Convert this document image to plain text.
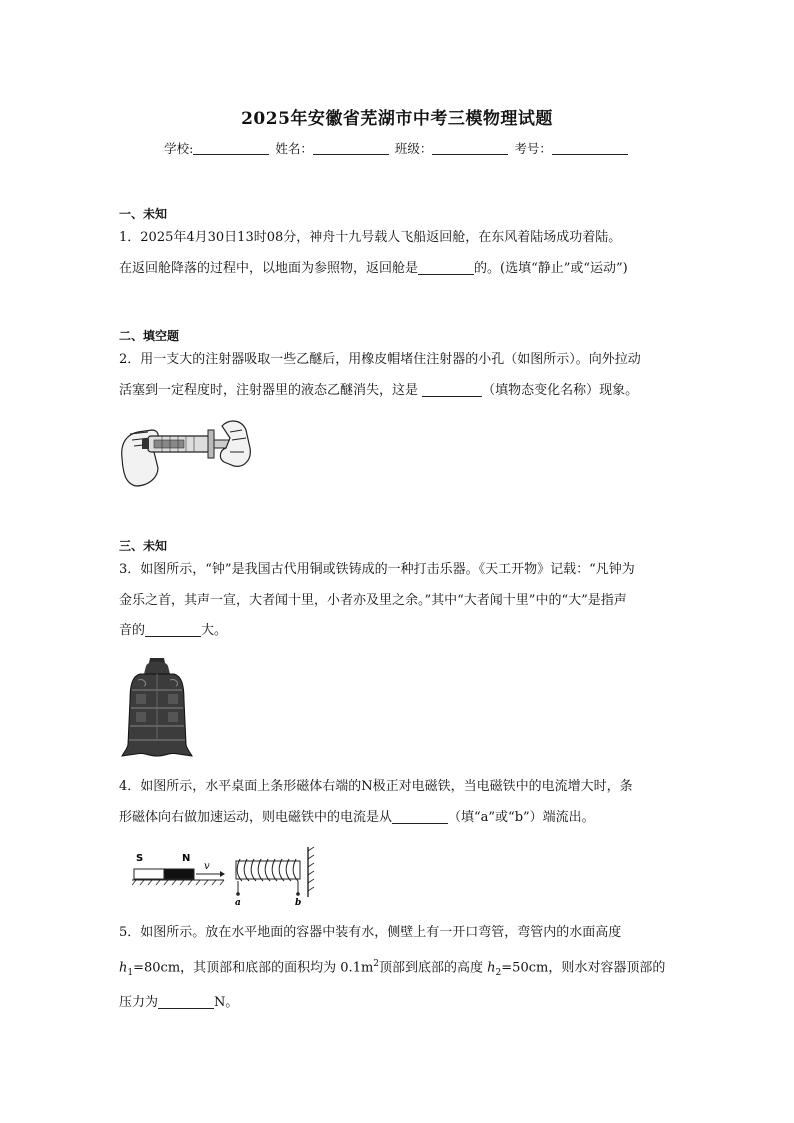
2025年安徽省芜湖市中考三模物理试题
学校:	姓名：	班级：	考号：
一、未知

1．2025年4月30日13时08分，神舟十九号载人飞船返回舱，在东风着陆场成功着陆。

在返回舱降落的过程中，以地面为参照物，返回舱是	的。(选填“静止”或“运动”)

二、填空题

2．用一支大的注射器吸取一些乙醚后，用橡皮帽堵住注射器的小孔（如图所示）。向外拉动

活塞到一定程度时，注射器里的液态乙醚消失，这是	（填物态变化名称）现象。

三、未知

3．如图所示，“钟”是我国古代用铜或铁铸成的一种打击乐器。《天工开物》记载：“凡钟为

金乐之首，其声一宣，大者闻十里，小者亦及里之余。”其中“大者闻十里”中的“大”是指声

音的	大。

4．如图所示，水平桌面上条形磁体右端的N极正对电磁铁，当电磁铁中的电流增大时，条

形磁体向右做加速运动，则电磁铁中的电流是从	（填“a”或“b”）端流出。

S	N
v
a	b

5．如图所示。放在水平地面的容器中装有水，侧壁上有一开口弯管，弯管内的水面高度

$h_1=80cm$，其顶部和底部的面积均为 $0.1m^2$顶部到底部的高度 $h_2=50cm$，则水对容器顶部的

压力为	N。
